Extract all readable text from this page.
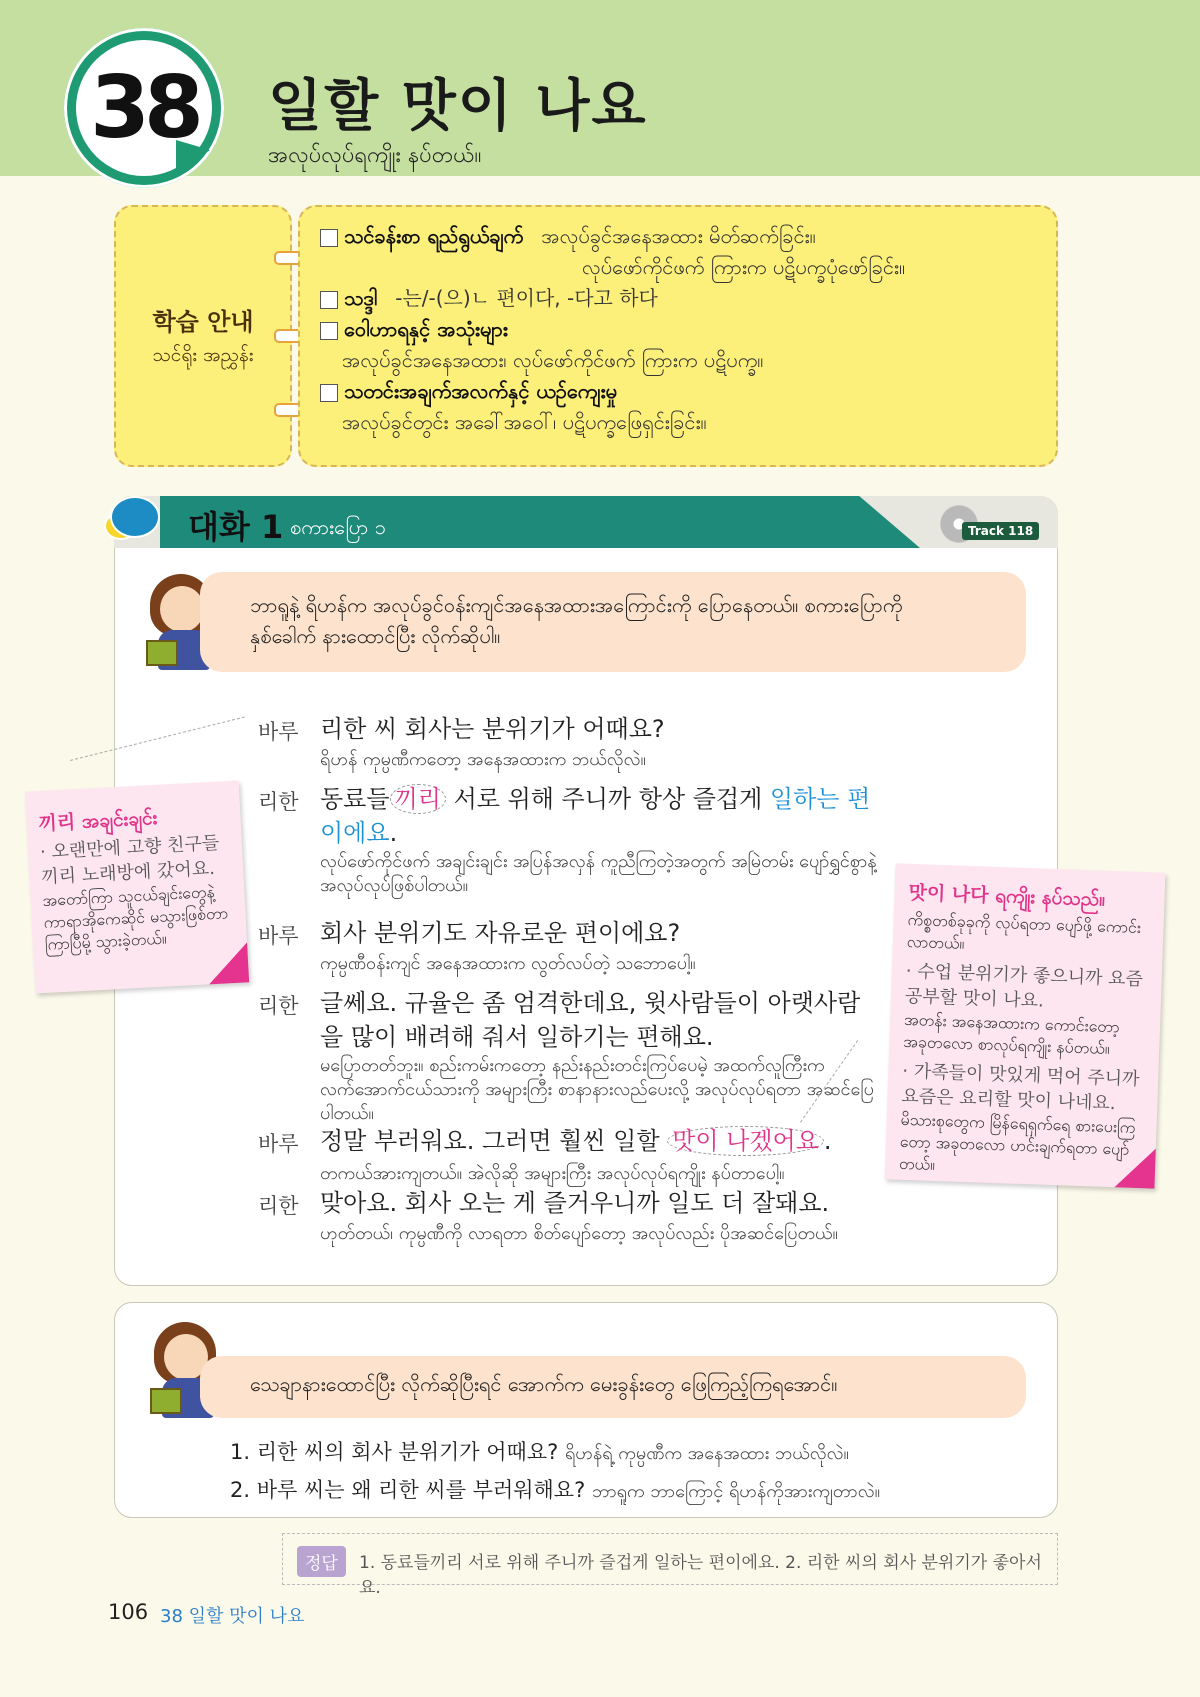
38 일할 맛이 나요
အလုပ်လုပ်ရကျိုး နပ်တယ်။
학습 안내
သင်ရိုး အညွှန်း
သင်ခန်းစာ ရည်ရွယ်ချက် အလုပ်ခွင်အနေအထား မိတ်ဆက်ခြင်း။
လုပ်ဖော်ကိုင်ဖက် ကြားက ပဋိပက္ခပုံဖော်ခြင်း။
သဒ္ဒါ -는/-(으)ㄴ 편이다, -다고 하다
ဝေါဟာရနှင့် အသုံးများ
အလုပ်ခွင်အနေအထား၊ လုပ်ဖော်ကိုင်ဖက် ကြားက ပဋိပက္ခ။
သတင်းအချက်အလက်နှင့် ယဉ်ကျေးမှု
အလုပ်ခွင်တွင်း အခေါ်အဝေါ်၊ ပဋိပက္ခဖြေရှင်းခြင်း။
대화 1 စကားပြော ၁	Track 118
ဘာရူနဲ့ ရိဟန်က အလုပ်ခွင်ဝန်းကျင်အနေအထားအကြောင်းကို ပြောနေတယ်။ စကားပြောကို
နှစ်ခေါက် နားထောင်ပြီး လိုက်ဆိုပါ။
바루 리한 씨 회사는 분위기가 어때요?
ရိဟန် ကုမ္ပဏီကတော့ အနေအထားက ဘယ်လိုလဲ။
리한 동료들 끼리 서로 위해 주니까 항상 즐겁게 일하는 편이에요.
လုပ်ဖော်ကိုင်ဖက် အချင်းချင်း အပြန်အလှန် ကူညီကြတဲ့အတွက် အမြဲတမ်း ပျော်ရွှင်စွာနဲ့ အလုပ်လုပ်ဖြစ်ပါတယ်။
바루 회사 분위기도 자유로운 편이에요?
ကုမ္ပဏီဝန်းကျင် အနေအထားက လွတ်လပ်တဲ့ သဘောပေါ့။
리한 글쎄요. 규율은 좀 엄격한데요, 윗사람들이 아랫사람을 많이 배려해 줘서 일하기는 편해요.
မပြောတတ်ဘူး။ စည်းကမ်းကတော့ နည်းနည်းတင်းကြပ်ပေမဲ့ အထက်လူကြီးက လက်အောက်ငယ်သားကို အများကြီး စာနာနားလည်ပေးလို့ အလုပ်လုပ်ရတာ အဆင်ပြေပါတယ်။
바루 정말 부러워요. 그러면 훨씬 일할 맛이 나겠어요 .
တကယ်အားကျတယ်။ အဲလိုဆို အများကြီး အလုပ်လုပ်ရကျိုး နပ်တာပေါ့။
리한 맞아요. 회사 오는 게 즐거우니까 일도 더 잘돼요.
ဟုတ်တယ်၊ ကုမ္ပဏီကို လာရတာ စိတ်ပျော်တော့ အလုပ်လည်း ပိုအဆင်ပြေတယ်။
끼리 အချင်းချင်း
· 오랜만에 고향 친구들 끼리 노래방에 갔어요.
အတော်ကြာ သူငယ်ချင်းတွေနဲ့ ကာရာအိုကေဆိုင် မသွားဖြစ်တာကြာပြီမို့ သွားခဲ့တယ်။
맛이 나다 ရကျိုး နပ်သည်။
ကိစ္စတစ်ခုခုကို လုပ်ရတာ ပျော်ဖို့ ကောင်းလာတယ်။
· 수업 분위기가 좋으니까 요즘 공부할 맛이 나요.
အတန်း အနေအထားက ကောင်းတော့ အခုတလော စာလုပ်ရကျိုး နပ်တယ်။
· 가족들이 맛있게 먹어 주니까 요즘은 요리할 맛이 나네요.
မိသားစုတွေက မြိန်ရေရှက်ရေ စားပေးကြတော့ အခုတလော ဟင်းချက်ရတာ ပျော်တယ်။
သေချာနားထောင်ပြီး လိုက်ဆိုပြီးရင် အောက်က မေးခွန်းတွေ ဖြေကြည့်ကြရအောင်။
1. 리한 씨의 회사 분위기가 어때요? ရိဟန်ရဲ့ ကုမ္ပဏီက အနေအထား ဘယ်လိုလဲ။
2. 바루 씨는 왜 리한 씨를 부러워해요? ဘာရူက ဘာကြောင့် ရိဟန်ကိုအားကျတာလဲ။
정답	1. 동료들끼리 서로 위해 주니까 즐겁게 일하는 편이에요. 2. 리한 씨의 회사 분위기가 좋아서요.
106 38 일할 맛이 나요
